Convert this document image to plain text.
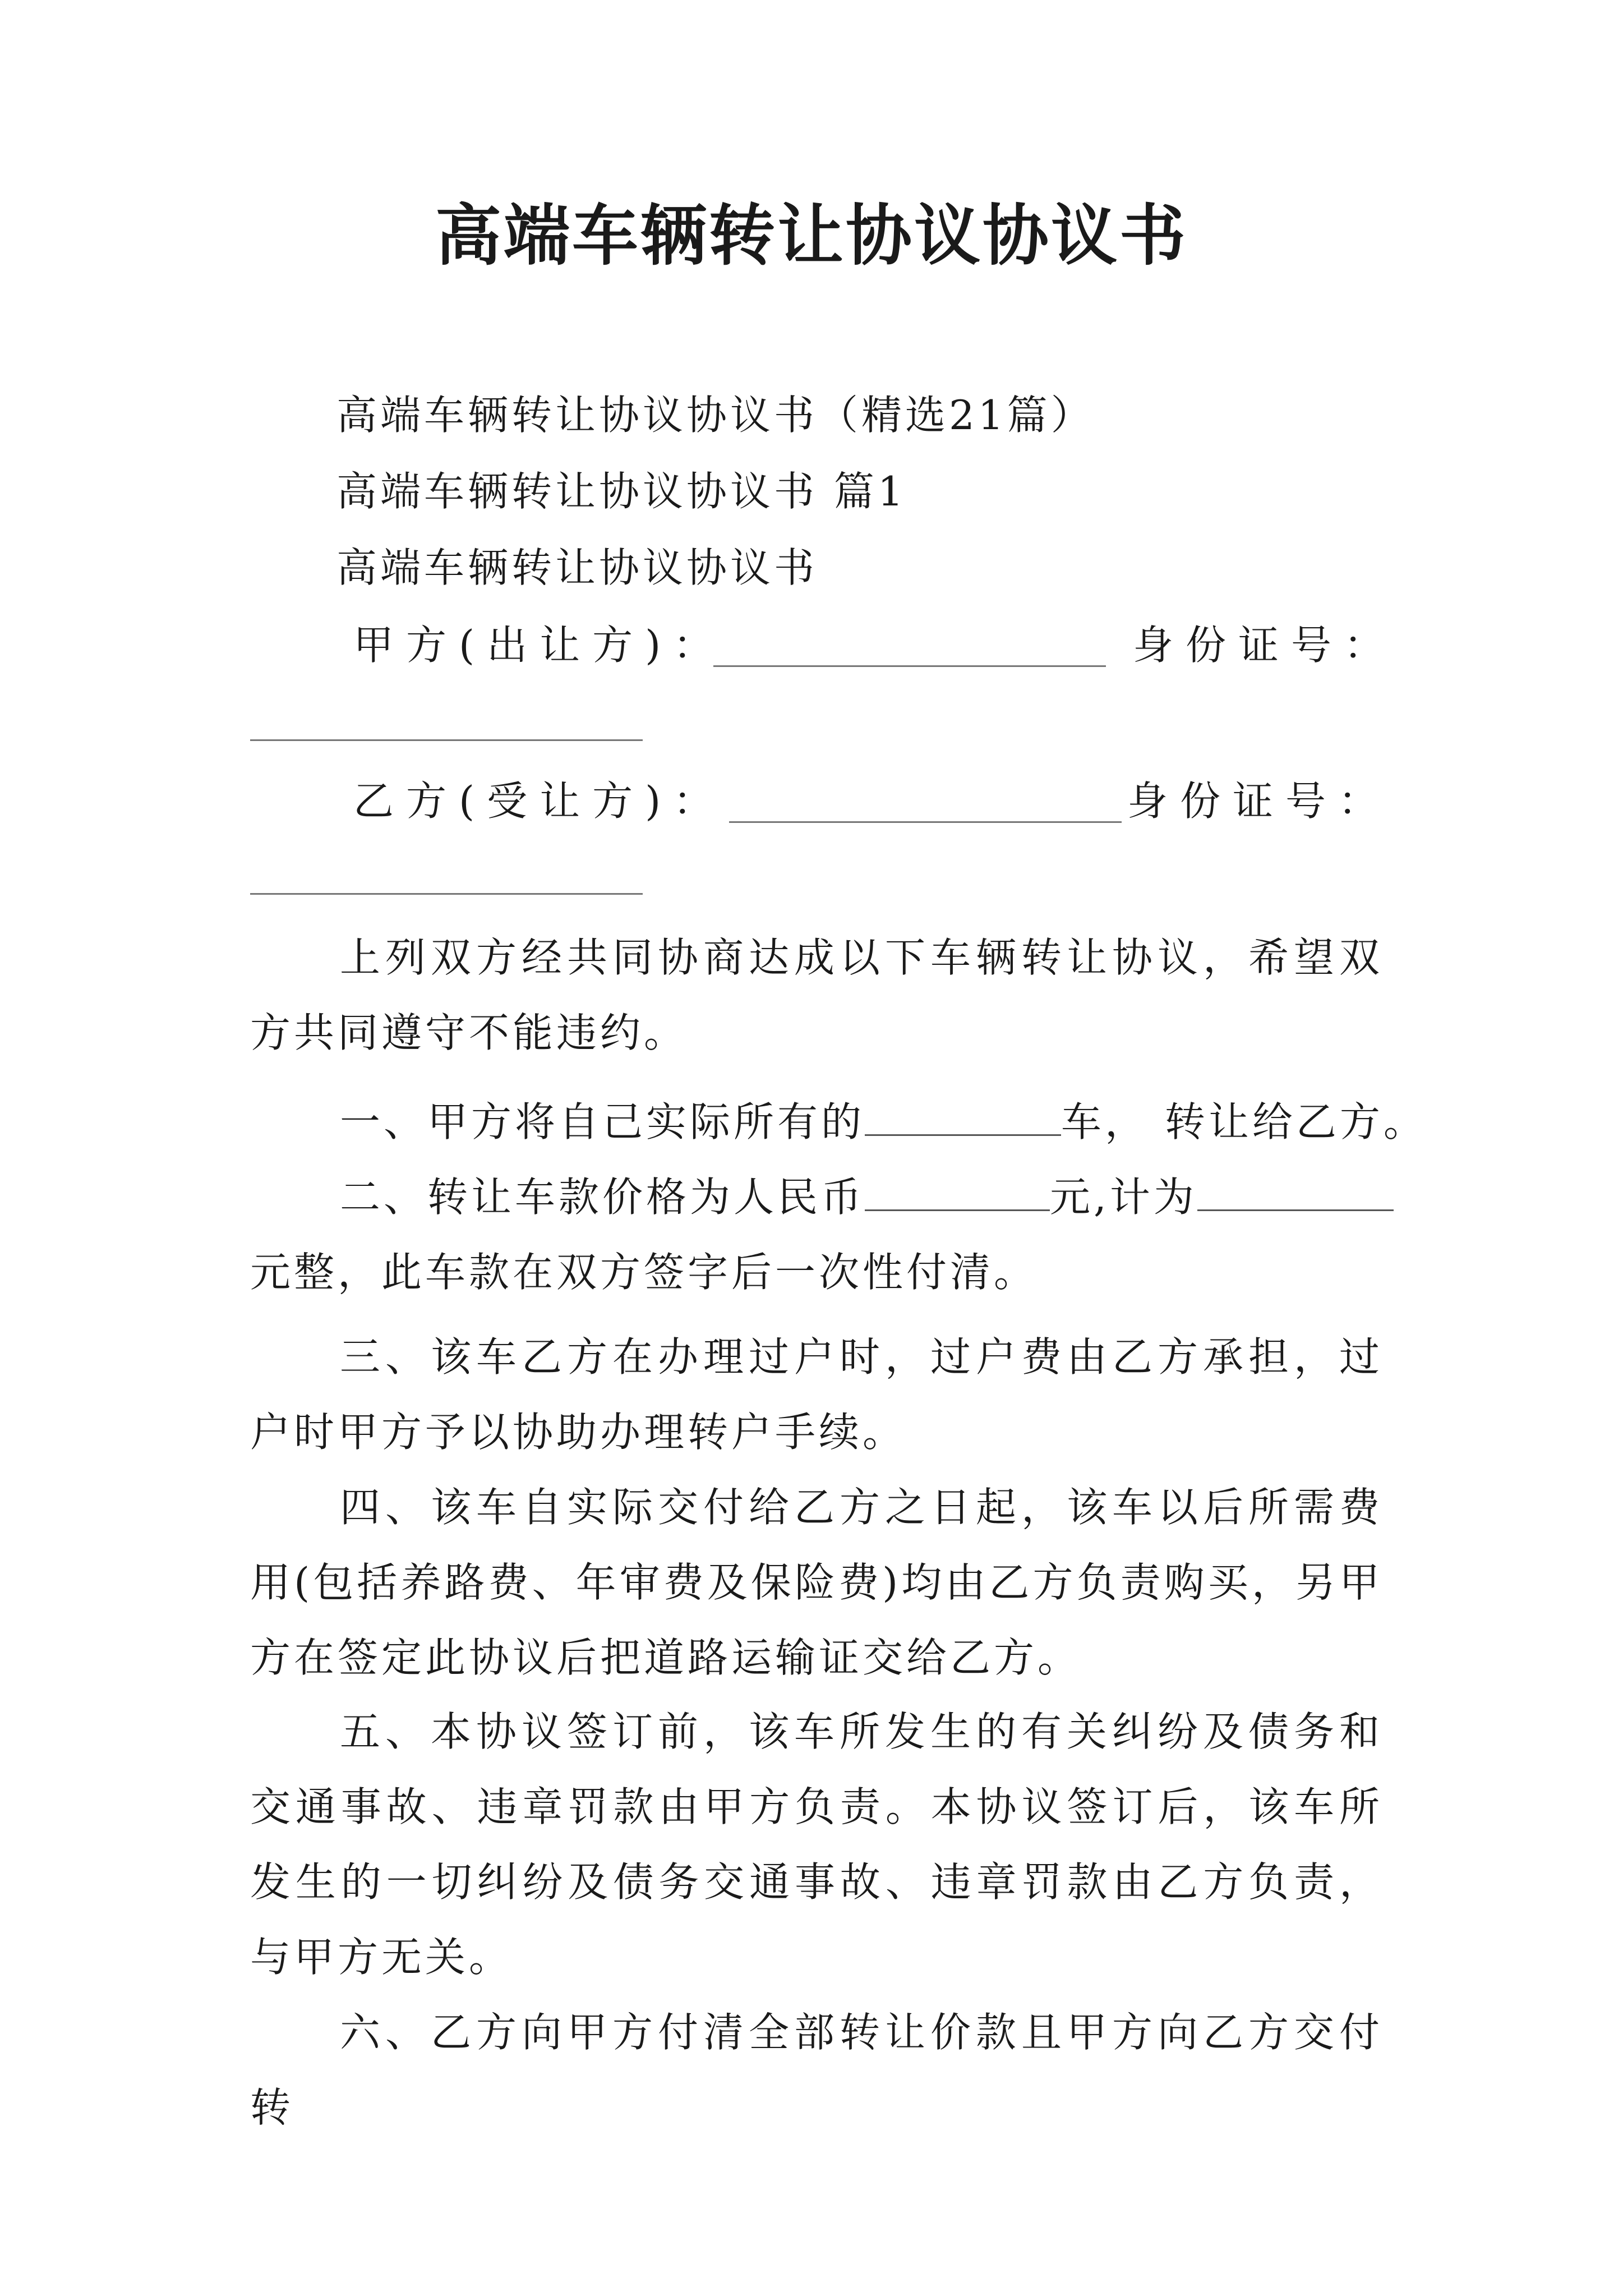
高端车辆转让协议协议书
高端车辆转让协议协议书（精选21篇）
高端车辆转让协议协议书 篇1
高端车辆转让协议协议书
甲方(出让方)：	身份证号：
乙方(受让方)：	身份证号：
上列双方经共同协商达成以下车辆转让协议，希望双方共同遵守不能违约。
一、甲方将自己实际所有的	车， 转让给乙方。
二、转让车款价格为人民币	元,计为
元整，此车款在双方签字后一次性付清。
三、该车乙方在办理过户时，过户费由乙方承担，过户时甲方予以协助办理转户手续。
四、该车自实际交付给乙方之日起，该车以后所需费用(包括养路费、年审费及保险费)均由乙方负责购买，另甲方在签定此协议后把道路运输证交给乙方。
五、本协议签订前，该车所发生的有关纠纷及债务和交通事故、违章罚款由甲方负责。本协议签订后，该车所发生的一切纠纷及债务交通事故、违章罚款由乙方负责，与甲方无关。
六、乙方向甲方付清全部转让价款且甲方向乙方交付转
